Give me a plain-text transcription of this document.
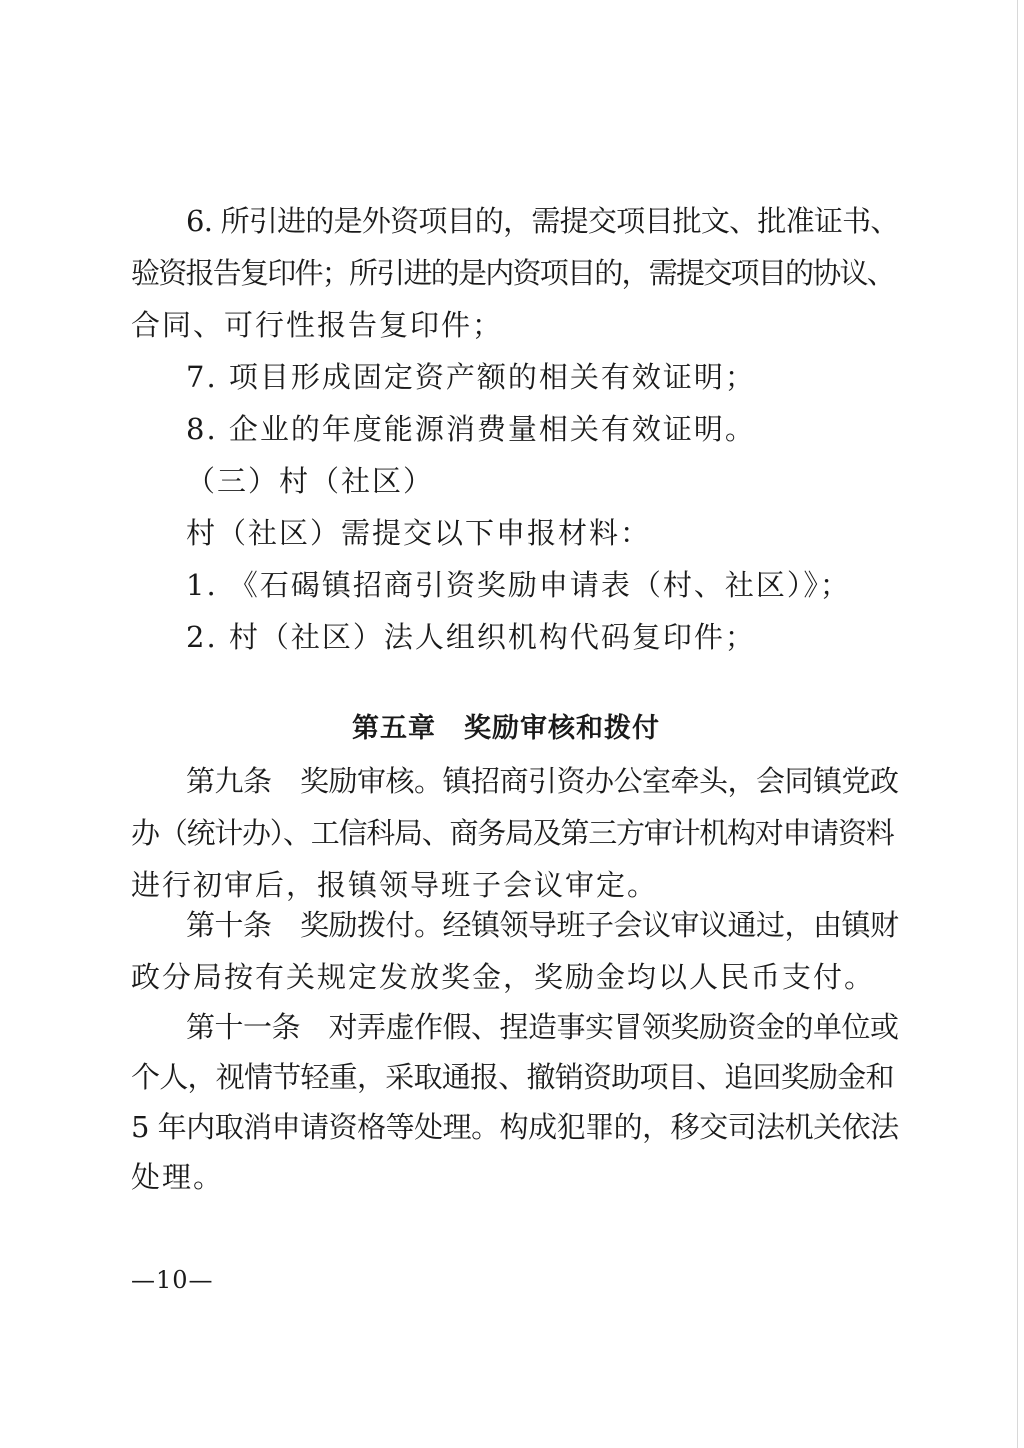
6. 所引进的是外资项目的，需提交项目批文、批准证书、
验资报告复印件；所引进的是内资项目的，需提交项目的协议、
合同、可行性报告复印件；
7. 项目形成固定资产额的相关有效证明；
8. 企业的年度能源消费量相关有效证明。
（三）村（社区）
村（社区）需提交以下申报材料：
1. 《石碣镇招商引资奖励申请表（村、社区）》；
2. 村（社区）法人组织机构代码复印件；
第五章　奖励审核和拨付
第九条　奖励审核。镇招商引资办公室牵头，会同镇党政
办（统计办）、工信科局、商务局及第三方审计机构对申请资料
进行初审后，报镇领导班子会议审定。
第十条　奖励拨付。经镇领导班子会议审议通过，由镇财
政分局按有关规定发放奖金，奖励金均以人民币支付。
第十一条　对弄虚作假、捏造事实冒领奖励资金的单位或
个人，视情节轻重，采取通报、撤销资助项目、追回奖励金和
5 年内取消申请资格等处理。构成犯罪的，移交司法机关依法
处理。
—10—
